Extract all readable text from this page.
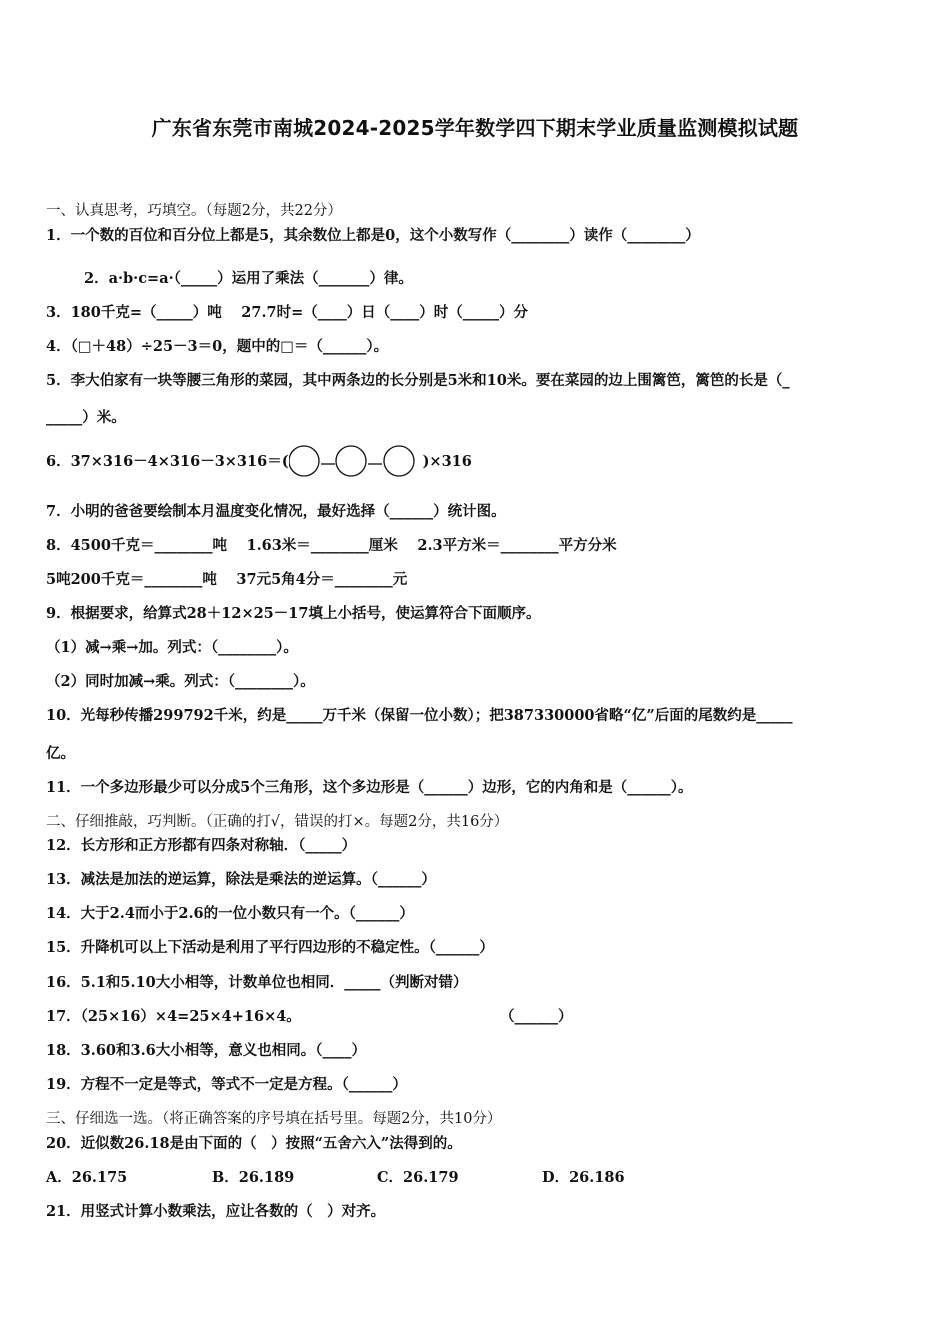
广东省东莞市南城2024-2025学年数学四下期末学业质量监测模拟试题
一、认真思考，巧填空。（每题2分，共22分）
1．一个数的百位和百分位上都是5，其余数位上都是0，这个小数写作（________）读作（________）
2．a·b·c=a·（_____）运用了乘法（_______）律。
3．180千克=（_____）吨　 27.7时=（____）日（____）时（_____）分
4．（□＋48）÷25－3＝0，题中的□＝（______）。
5．李大伯家有一块等腰三角形的菜园，其中两条边的长分别是5米和10米。要在菜园的边上围篱笆，篱笆的长是（_
_____）米。
6．37×316－4×316－3×316＝(	)×316
7．小明的爸爸要绘制本月温度变化情况，最好选择（______）统计图。
8．4500千克＝________吨　 1.63米＝________厘米　 2.3平方米＝________平方分米
5吨200千克＝________吨　 37元5角4分＝________元
9．根据要求，给算式28＋12×25－17填上小括号，使运算符合下面顺序。
（1）减→乘→加。列式：（________）。
（2）同时加减→乘。列式：（________）。
10．光每秒传播299792千米，约是_____万千米（保留一位小数）；把387330000省略“亿”后面的尾数约是_____
亿。
11．一个多边形最少可以分成5个三角形，这个多边形是（______）边形，它的内角和是（______）。
二、仔细推敲，巧判断。（正确的打√，错误的打×。每题2分，共16分）
12．长方形和正方形都有四条对称轴．（_____）
13．减法是加法的逆运算，除法是乘法的逆运算。（______）
14．大于2.4而小于2.6的一位小数只有一个。（______）
15．升降机可以上下活动是利用了平行四边形的不稳定性。（______）
16．5.1和5.10大小相等，计数单位也相同．_____（判断对错）
17．（25×16）×4=25×4+16×4。	（______）
18．3.60和3.6大小相等，意义也相同。（____）
19．方程不一定是等式，等式不一定是方程。（______）
三、仔细选一选。（将正确答案的序号填在括号里。每题2分，共10分）
20．近似数26.18是由下面的（　）按照“五舍六入”法得到的。
A．26.175	B．26.189	C．26.179	D．26.186
21．用竖式计算小数乘法，应让各数的（　）对齐。
